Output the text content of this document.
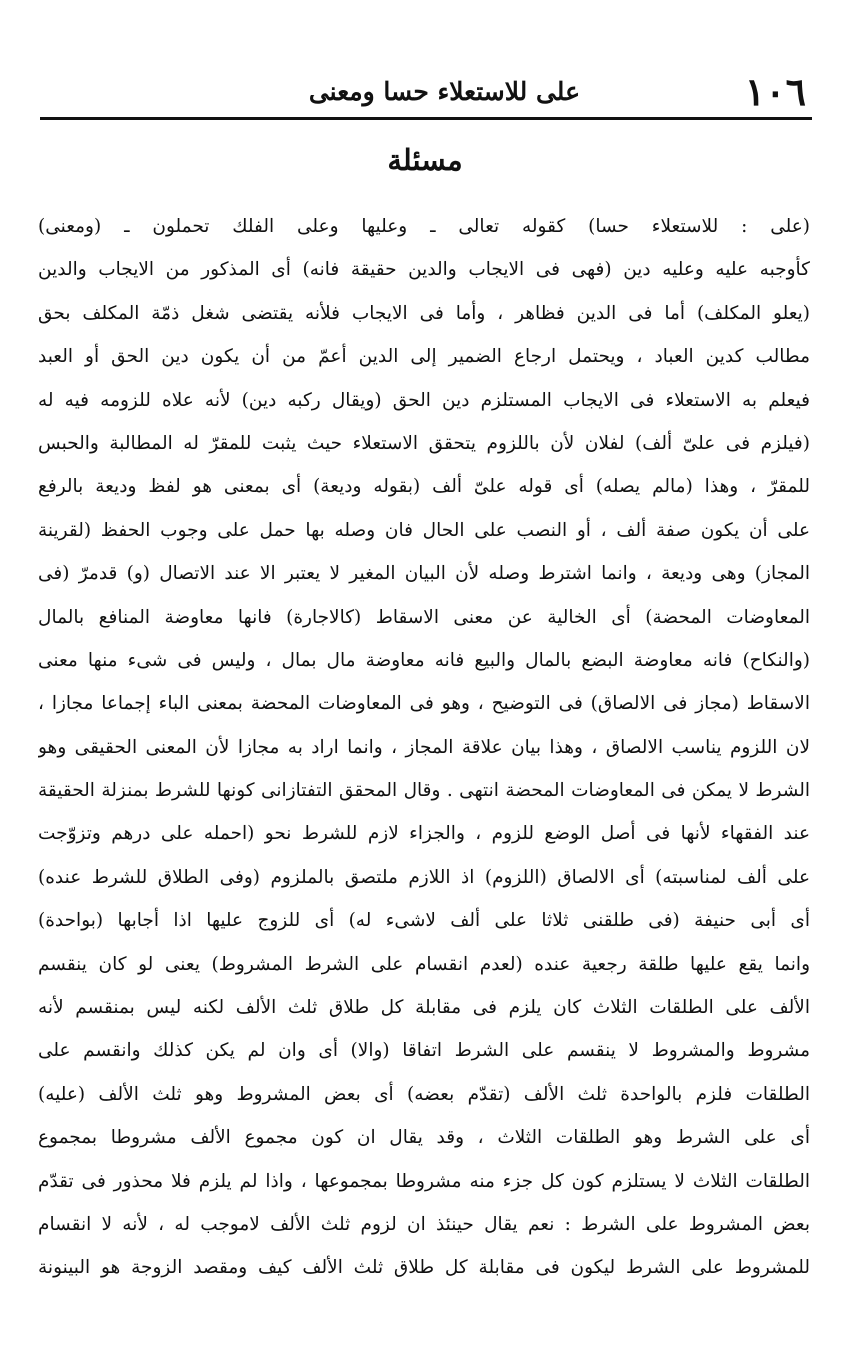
١٠٦
على للاستعلاء حسا ومعنى
مسئلة
(على : للاستعلاء حسا) كقوله تعالى ـ وعليها وعلى الفلك تحملون ـ (ومعنى)
كأوجبه عليه وعليه دين (فهى فى الايجاب والدين حقيقة فانه) أى المذكور من الايجاب والدين
(يعلو المكلف) أما فى الدين فظاهر ، وأما فى الايجاب فلأنه يقتضى شغل ذمّة المكلف بحق
مطالب كدين العباد ، ويحتمل ارجاع الضمير إلى الدين أعمّ من أن يكون دين الحق أو العبد
فيعلم به الاستعلاء فى الايجاب المستلزم دين الحق (ويقال ركبه دين) لأنه علاه للزومه فيه له
(فيلزم فى علىّ ألف) لفلان لأن باللزوم يتحقق الاستعلاء حيث يثبت للمقرّ له المطالبة والحبس
للمقرّ ، وهذا (مالم يصله) أى قوله علىّ ألف (بقوله وديعة) أى بمعنى هو لفظ وديعة بالرفع
على أن يكون صفة ألف ، أو النصب على الحال فان وصله بها حمل على وجوب الحفظ (لقرينة
المجاز) وهى وديعة ، وانما اشترط وصله لأن البيان المغير لا يعتبر الا عند الاتصال (و) قدمرّ (فى
المعاوضات المحضة) أى الخالية عن معنى الاسقاط (كالاجارة) فانها معاوضة المنافع بالمال
(والنكاح) فانه معاوضة البضع بالمال والبيع فانه معاوضة مال بمال ، وليس فى شىء منها معنى
الاسقاط (مجاز فى الالصاق) فى التوضيح ، وهو فى المعاوضات المحضة بمعنى الباء إجماعا مجازا ،
لان اللزوم يناسب الالصاق ، وهذا بيان علاقة المجاز ، وانما اراد به مجازا لأن المعنى الحقيقى وهو
الشرط لا يمكن فى المعاوضات المحضة انتهى . وقال المحقق التفتازانى كونها للشرط بمنزلة الحقيقة
عند الفقهاء لأنها فى أصل الوضع للزوم ، والجزاء لازم للشرط نحو (احمله على درهم وتزوّجت
على ألف لمناسبته) أى الالصاق (اللزوم) اذ اللازم ملتصق بالملزوم (وفى الطلاق للشرط عنده)
أى أبى حنيفة (فى طلقنى ثلاثا على ألف لاشىء له) أى للزوج عليها اذا أجابها (بواحدة)
وانما يقع عليها طلقة رجعية عنده (لعدم انقسام على الشرط المشروط) يعنى لو كان ينقسم
الألف على الطلقات الثلاث كان يلزم فى مقابلة كل طلاق ثلث الألف لكنه ليس بمنقسم لأنه
مشروط والمشروط لا ينقسم على الشرط اتفاقا (والا) أى وان لم يكن كذلك وانقسم على
الطلقات فلزم بالواحدة ثلث الألف (تقدّم بعضه) أى بعض المشروط وهو ثلث الألف (عليه)
أى على الشرط وهو الطلقات الثلاث ، وقد يقال ان كون مجموع الألف مشروطا بمجموع
الطلقات الثلاث لا يستلزم كون كل جزء منه مشروطا بمجموعها ، واذا لم يلزم فلا محذور فى تقدّم
بعض المشروط على الشرط : نعم يقال حينئذ ان لزوم ثلث الألف لاموجب له ، لأنه لا انقسام
للمشروط على الشرط ليكون فى مقابلة كل طلاق ثلث الألف كيف ومقصد الزوجة هو البينونة
